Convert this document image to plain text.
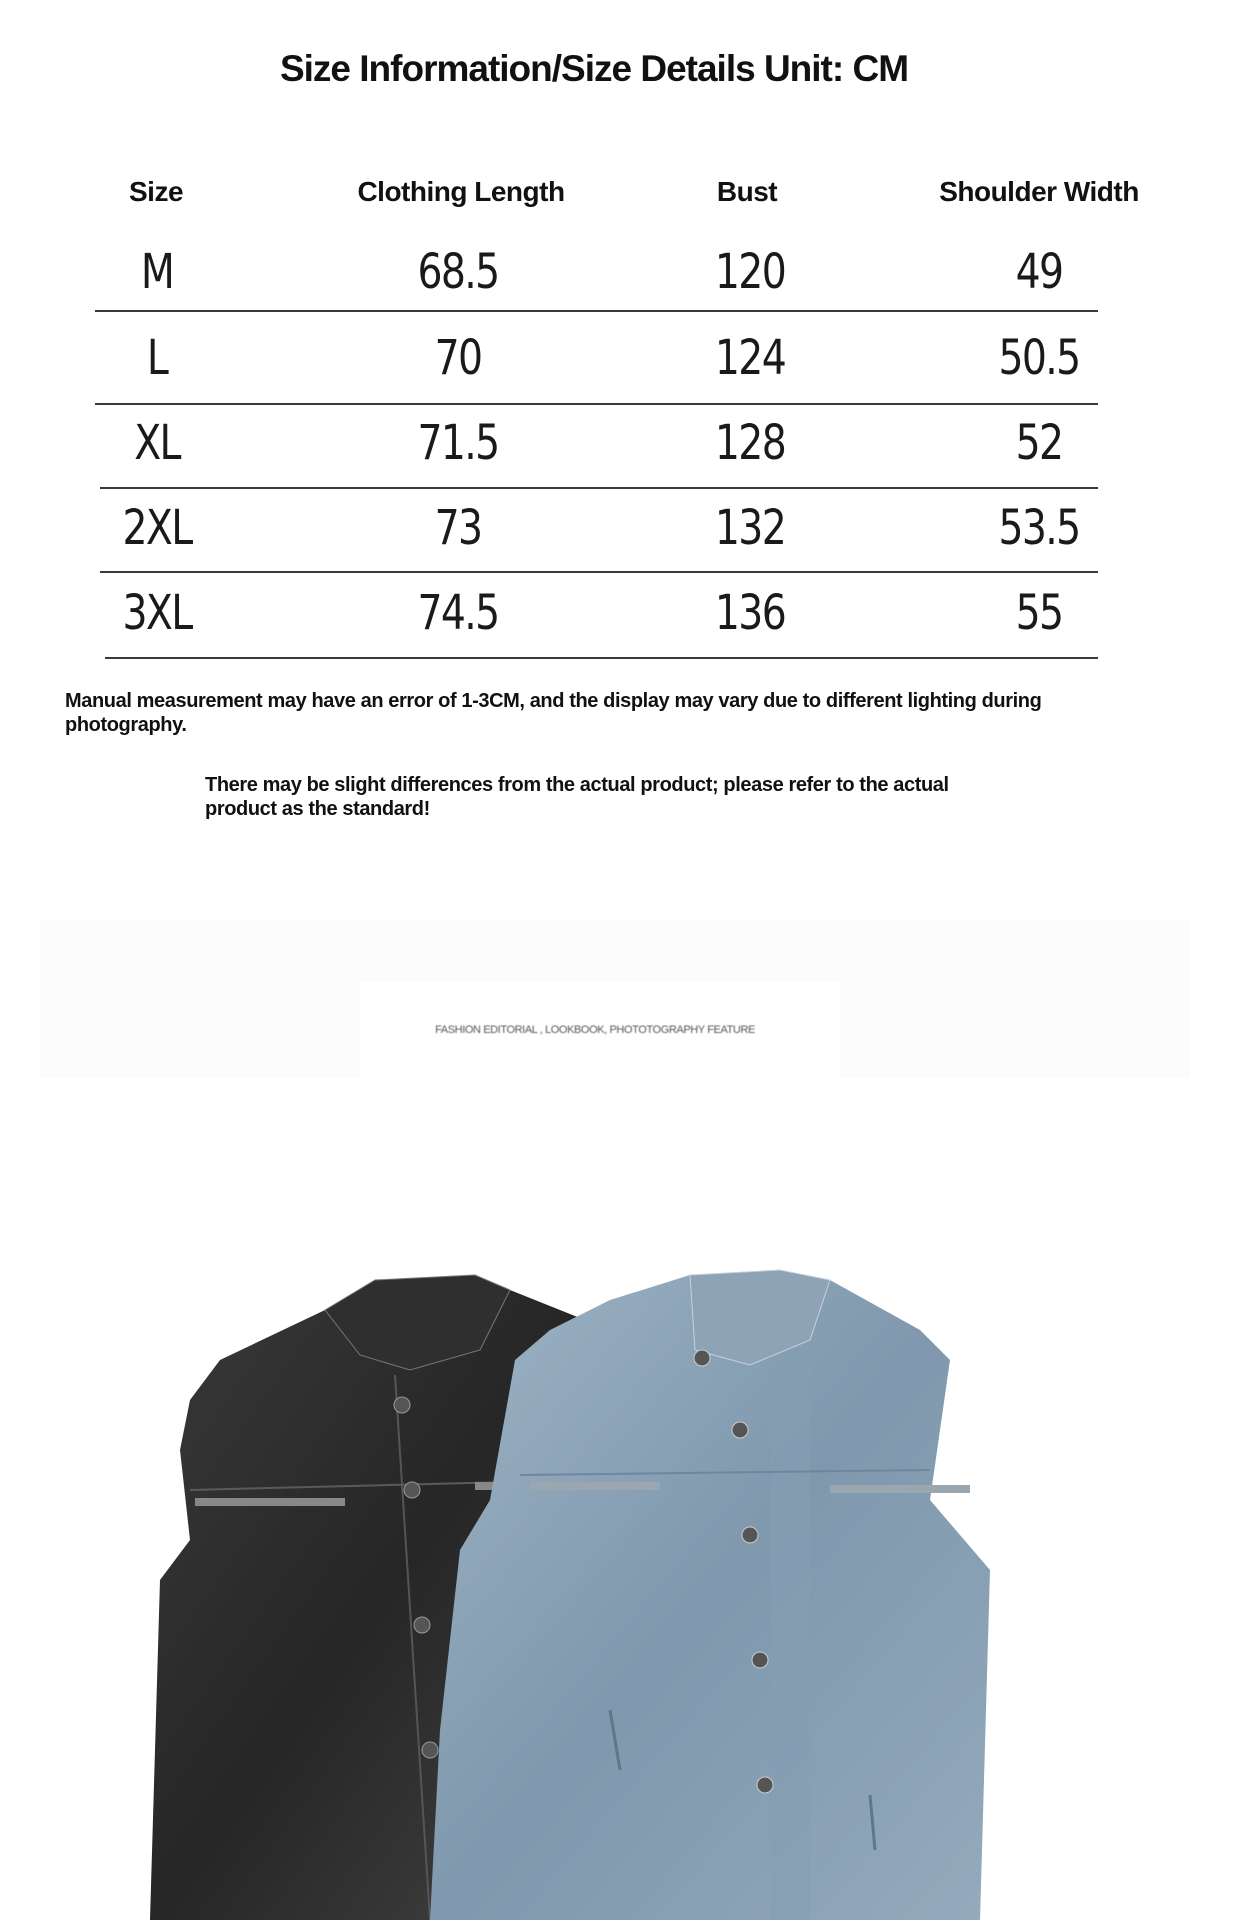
Size Information/Size Details Unit: CM
Size	Clothing Length	Bust	Shoulder Width
M	68.5	120	49
L	70	124	50.5
XL	71.5	128	52
2XL	73	132	53.5
3XL	74.5	136	55
Manual measurement may have an error of 1-3CM, and the display may vary due to different lighting during
photography.
There may be slight differences from the actual product; please refer to the actual
product as the standard!
FASHION EDITORIAL , LOOKBOOK, PHOTOTOGRAPHY FEATURE
